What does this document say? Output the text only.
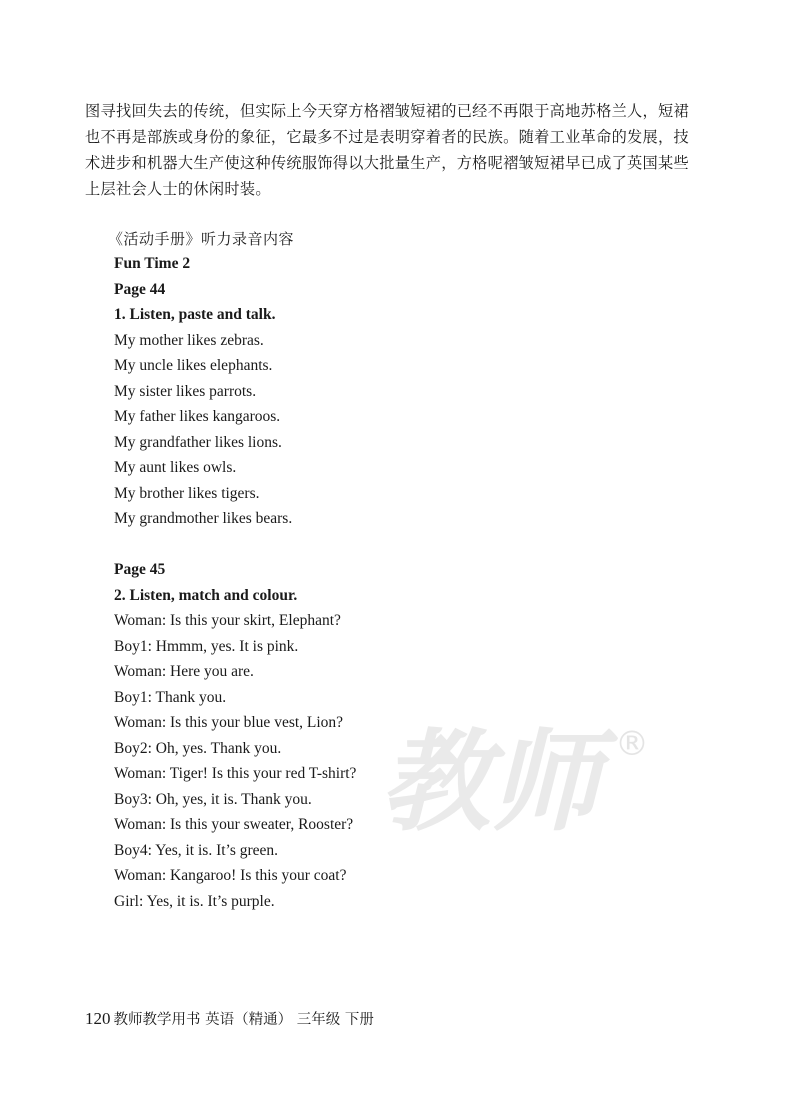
图寻找回失去的传统，但实际上今天穿方格褶皱短裙的已经不再限于高地苏格兰人，短裙
也不再是部族或身份的象征，它最多不过是表明穿着者的民族。随着工业革命的发展，技
术进步和机器大生产使这种传统服饰得以大批量生产，方格呢褶皱短裙早已成了英国某些
上层社会人士的休闲时装。
《活动手册》听力录音内容
Fun Time 2
Page 44
1. Listen, paste and talk.
My mother likes zebras.
My uncle likes elephants.
My sister likes parrots.
My father likes kangaroos.
My grandfather likes lions.
My aunt likes owls.
My brother likes tigers.
My grandmother likes bears.
Page 45
2. Listen, match and colour.
Woman: Is this your skirt, Elephant?
Boy1: Hmmm, yes. It is pink.
Woman: Here you are.
Boy1: Thank you.
Woman: Is this your blue vest, Lion?
Boy2: Oh, yes. Thank you.
Woman: Tiger! Is this your red T-shirt?
Boy3: Oh, yes, it is. Thank you.
Woman: Is this your sweater, Rooster?
Boy4: Yes, it is. It’s green.
Woman: Kangaroo! Is this your coat?
Girl: Yes, it is. It’s purple.
教师 ®
120 教师教学用书 英语（精通） 三年级 下册
